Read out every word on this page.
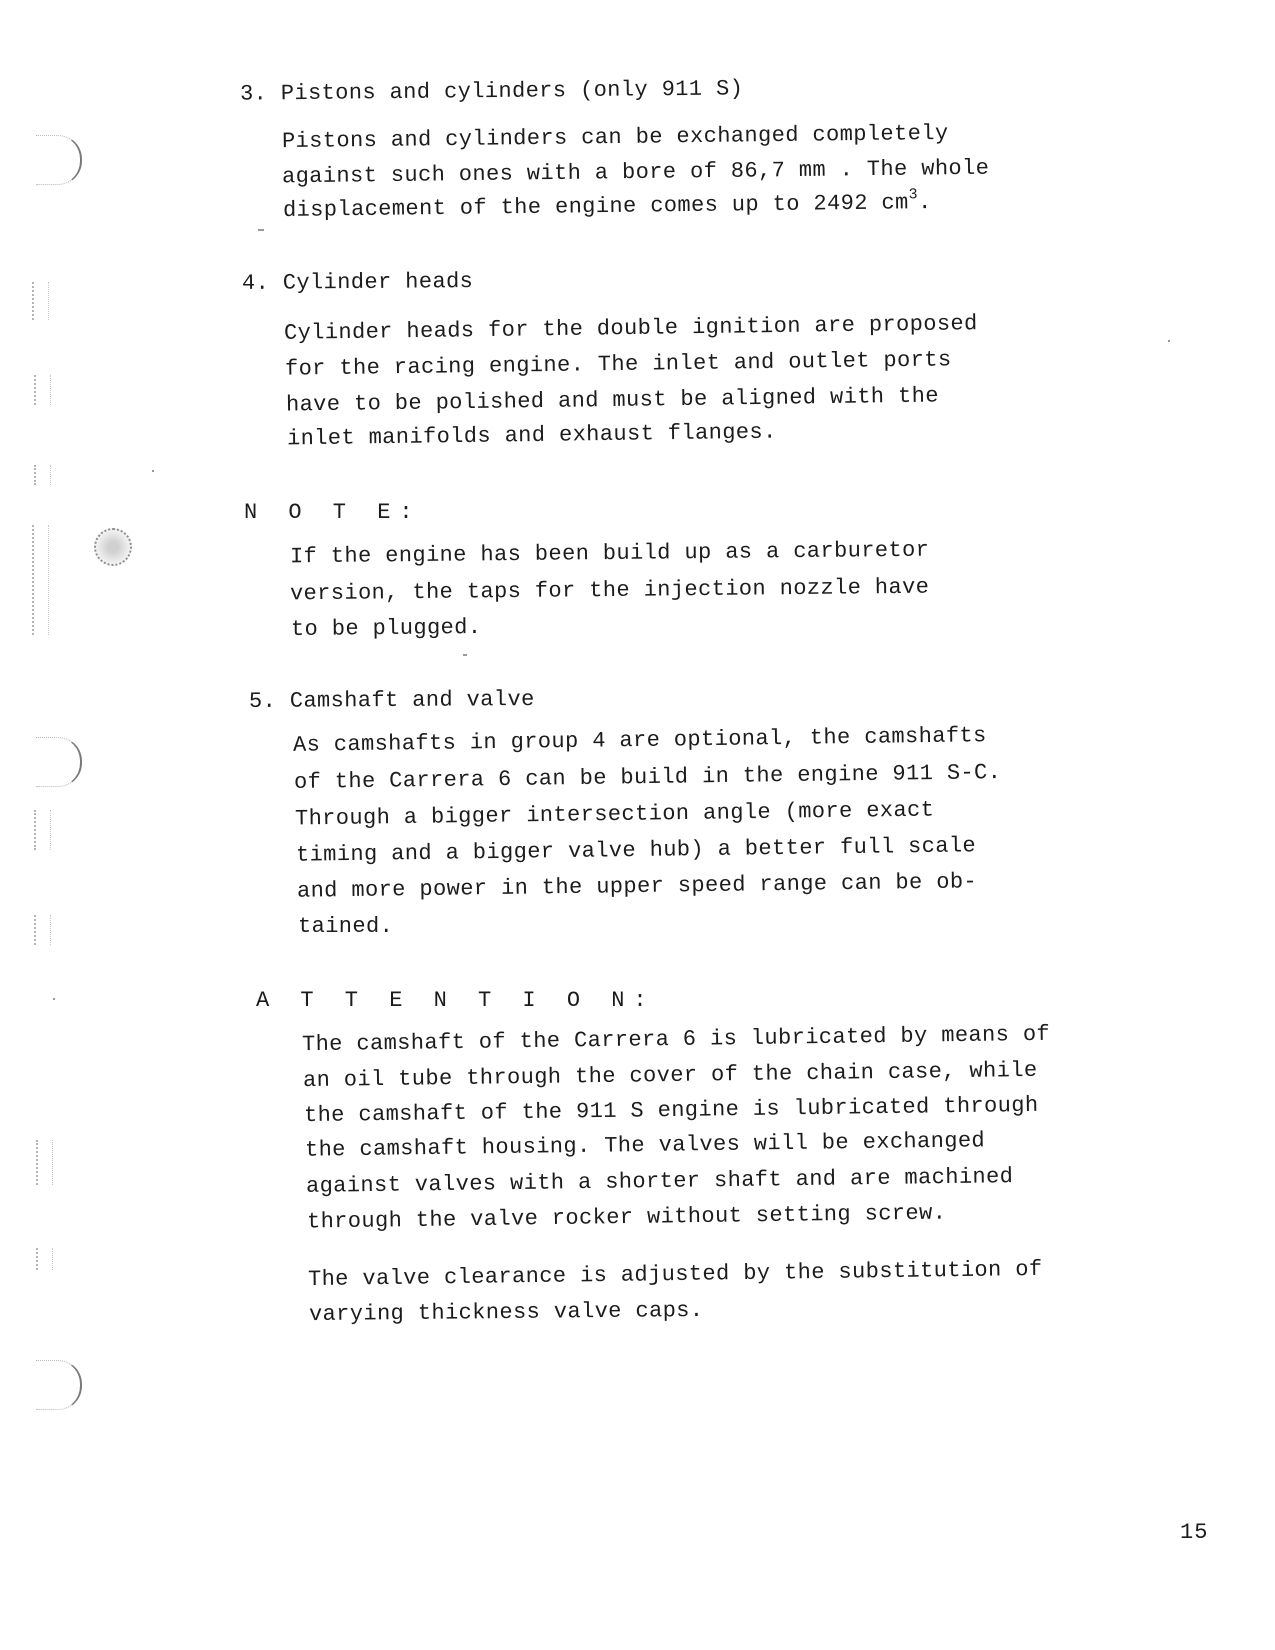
3. Pistons and cylinders (only 911 S)
Pistons and cylinders can be exchanged completely
against such ones with a bore of 86,7 mm . The whole
displacement of the engine comes up to 2492 $cm^3$.
4. Cylinder heads
Cylinder heads for the double ignition are proposed
for the racing engine. The inlet and outlet ports
have to be polished and must be aligned with the
inlet manifolds and exhaust flanges.
N O T E:
If the engine has been build up as a carburetor
version, the taps for the injection nozzle have
to be plugged.
5. Camshaft and valve
As camshafts in group 4 are optional, the camshafts
of the Carrera 6 can be build in the engine 911 S-C.
Through a bigger intersection angle (more exact
timing and a bigger valve hub) a better full scale
and more power in the upper speed range can be ob-
tained.
A T T E N T I O N:
The camshaft of the Carrera 6 is lubricated by means of
an oil tube through the cover of the chain case, while
the camshaft of the 911 S engine is lubricated through
the camshaft housing. The valves will be exchanged
against valves with a shorter shaft and are machined
through the valve rocker without setting screw.
The valve clearance is adjusted by the substitution of
varying thickness valve caps.
15
